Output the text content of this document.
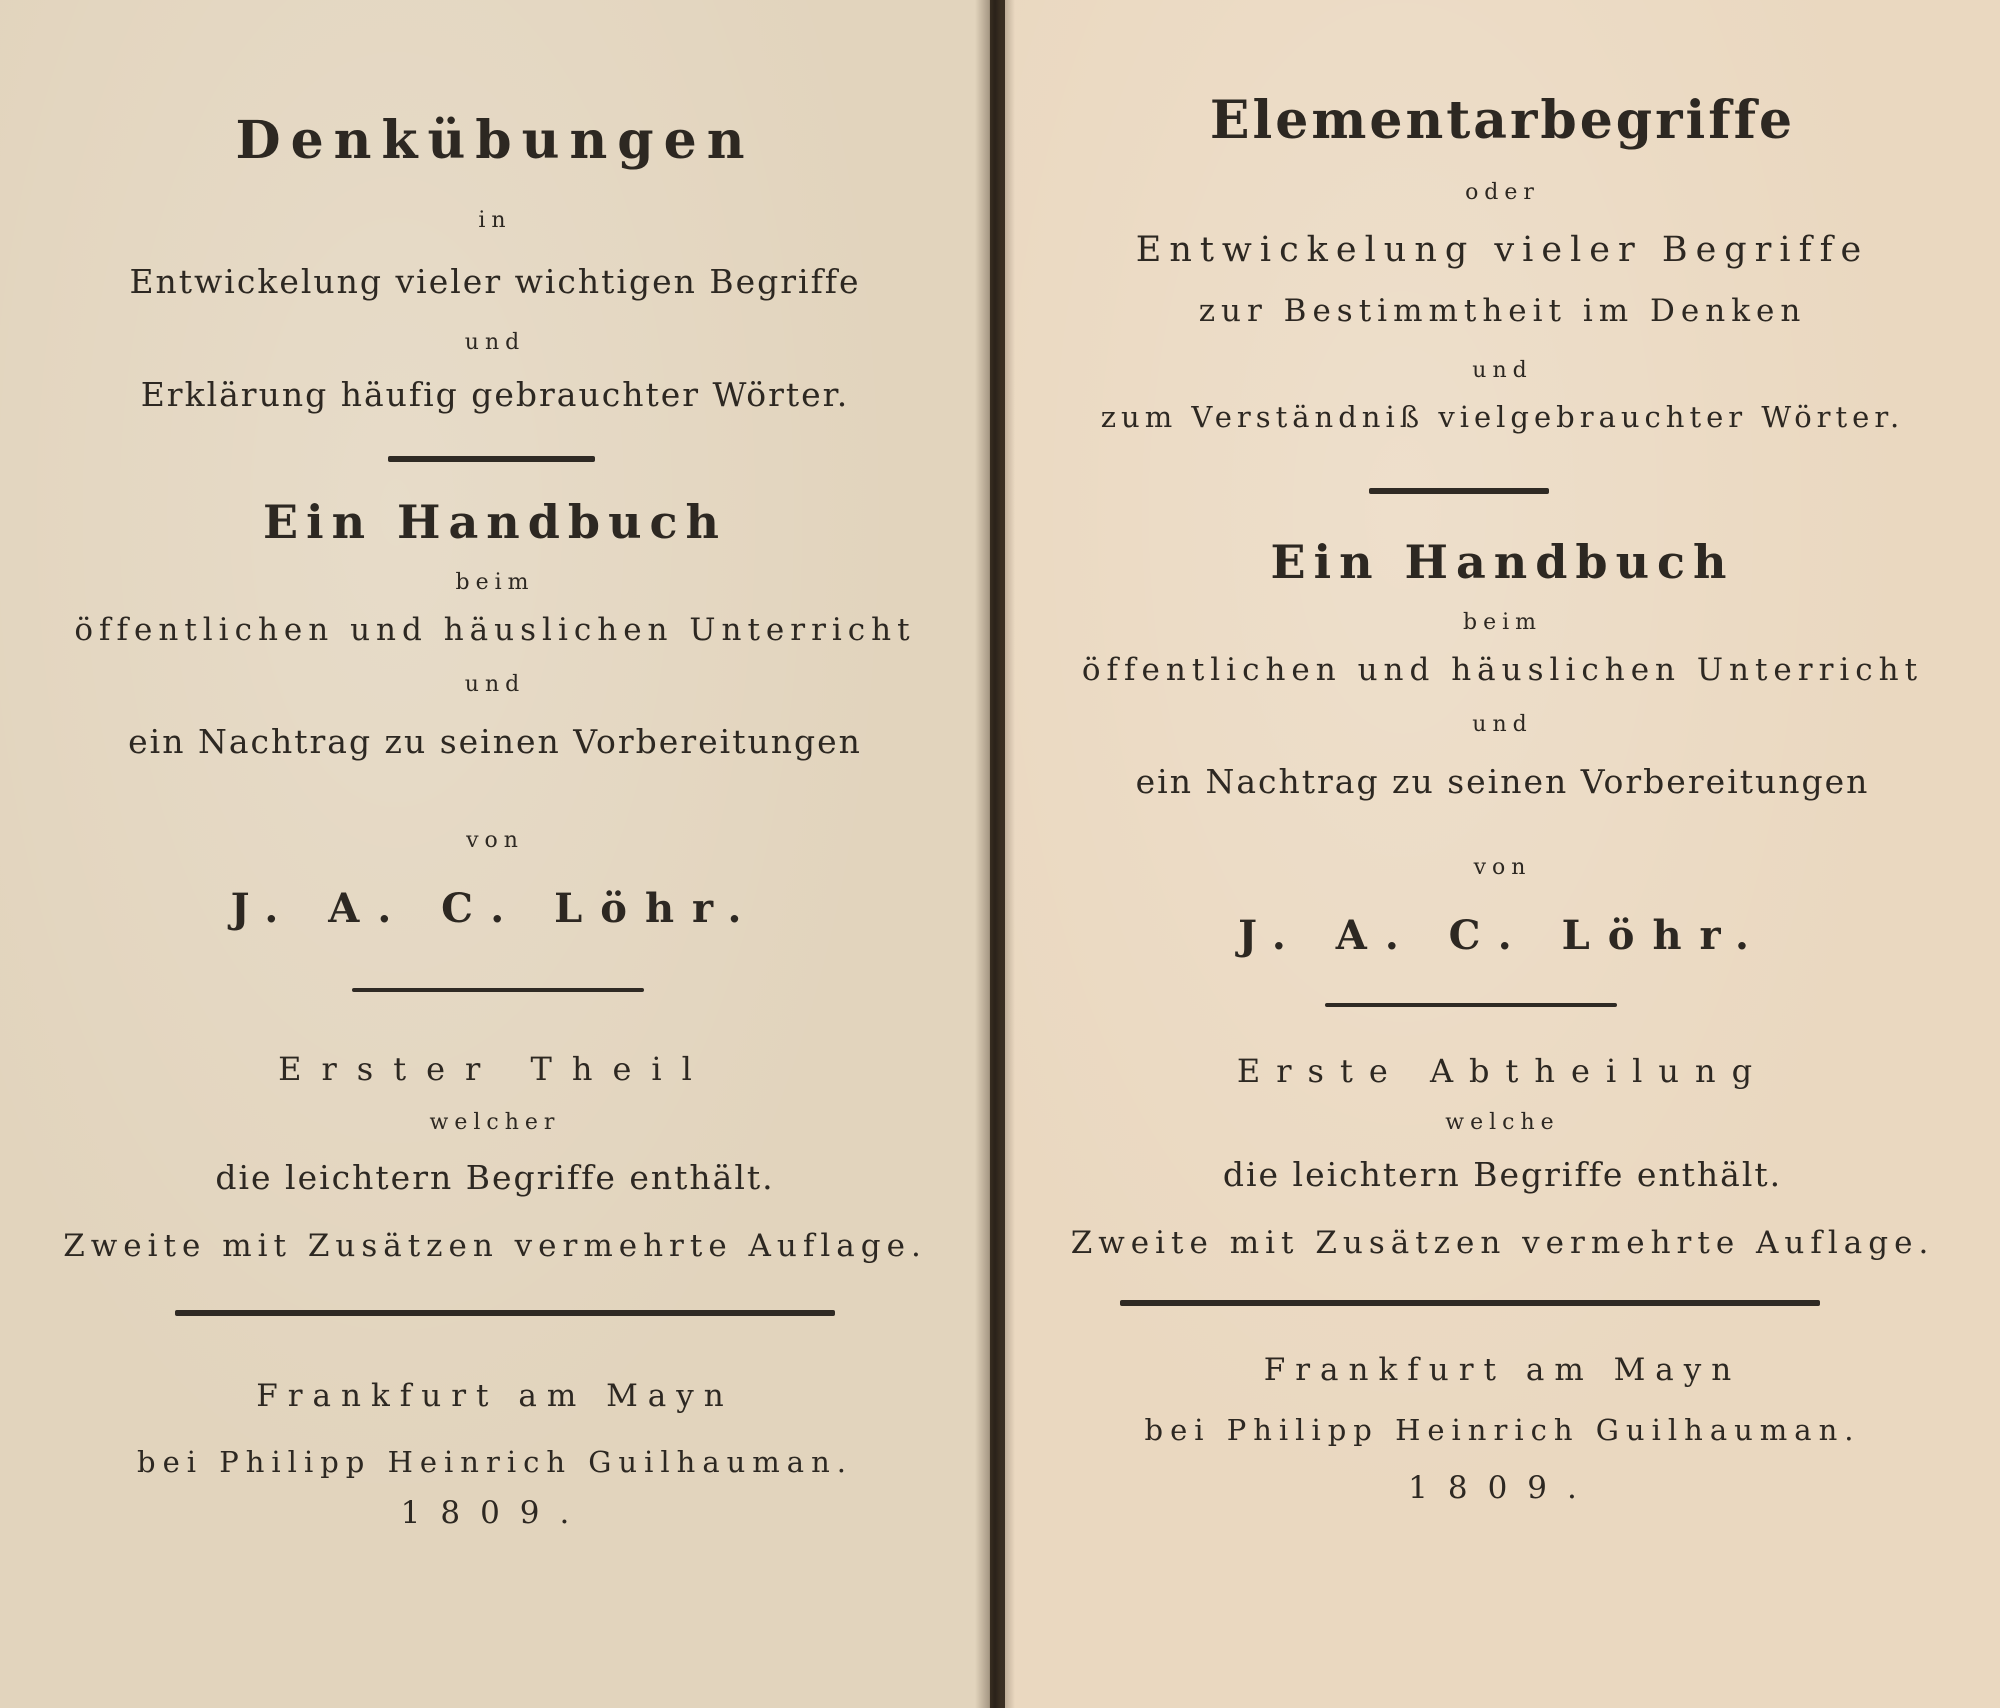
Denkübungen
in
Entwickelung vieler wichtigen Begriffe
und
Erklärung häufig gebrauchter Wörter.
Ein Handbuch
beim
öffentlichen und häuslichen Unterricht
und
ein Nachtrag zu seinen Vorbereitungen
von
J. A. C. Löhr.
Erster Theil
welcher
die leichtern Begriffe enthält.
Zweite mit Zusätzen vermehrte Auflage.
Frankfurt am Mayn
bei Philipp Heinrich Guilhauman.
1809.
Elementarbegriffe
oder
Entwickelung vieler Begriffe
zur Bestimmtheit im Denken
und
zum Verständniß vielgebrauchter Wörter.
Ein Handbuch
beim
öffentlichen und häuslichen Unterricht
und
ein Nachtrag zu seinen Vorbereitungen
von
J. A. C. Löhr.
Erste Abtheilung
welche
die leichtern Begriffe enthält.
Zweite mit Zusätzen vermehrte Auflage.
Frankfurt am Mayn
bei Philipp Heinrich Guilhauman.
1809.
